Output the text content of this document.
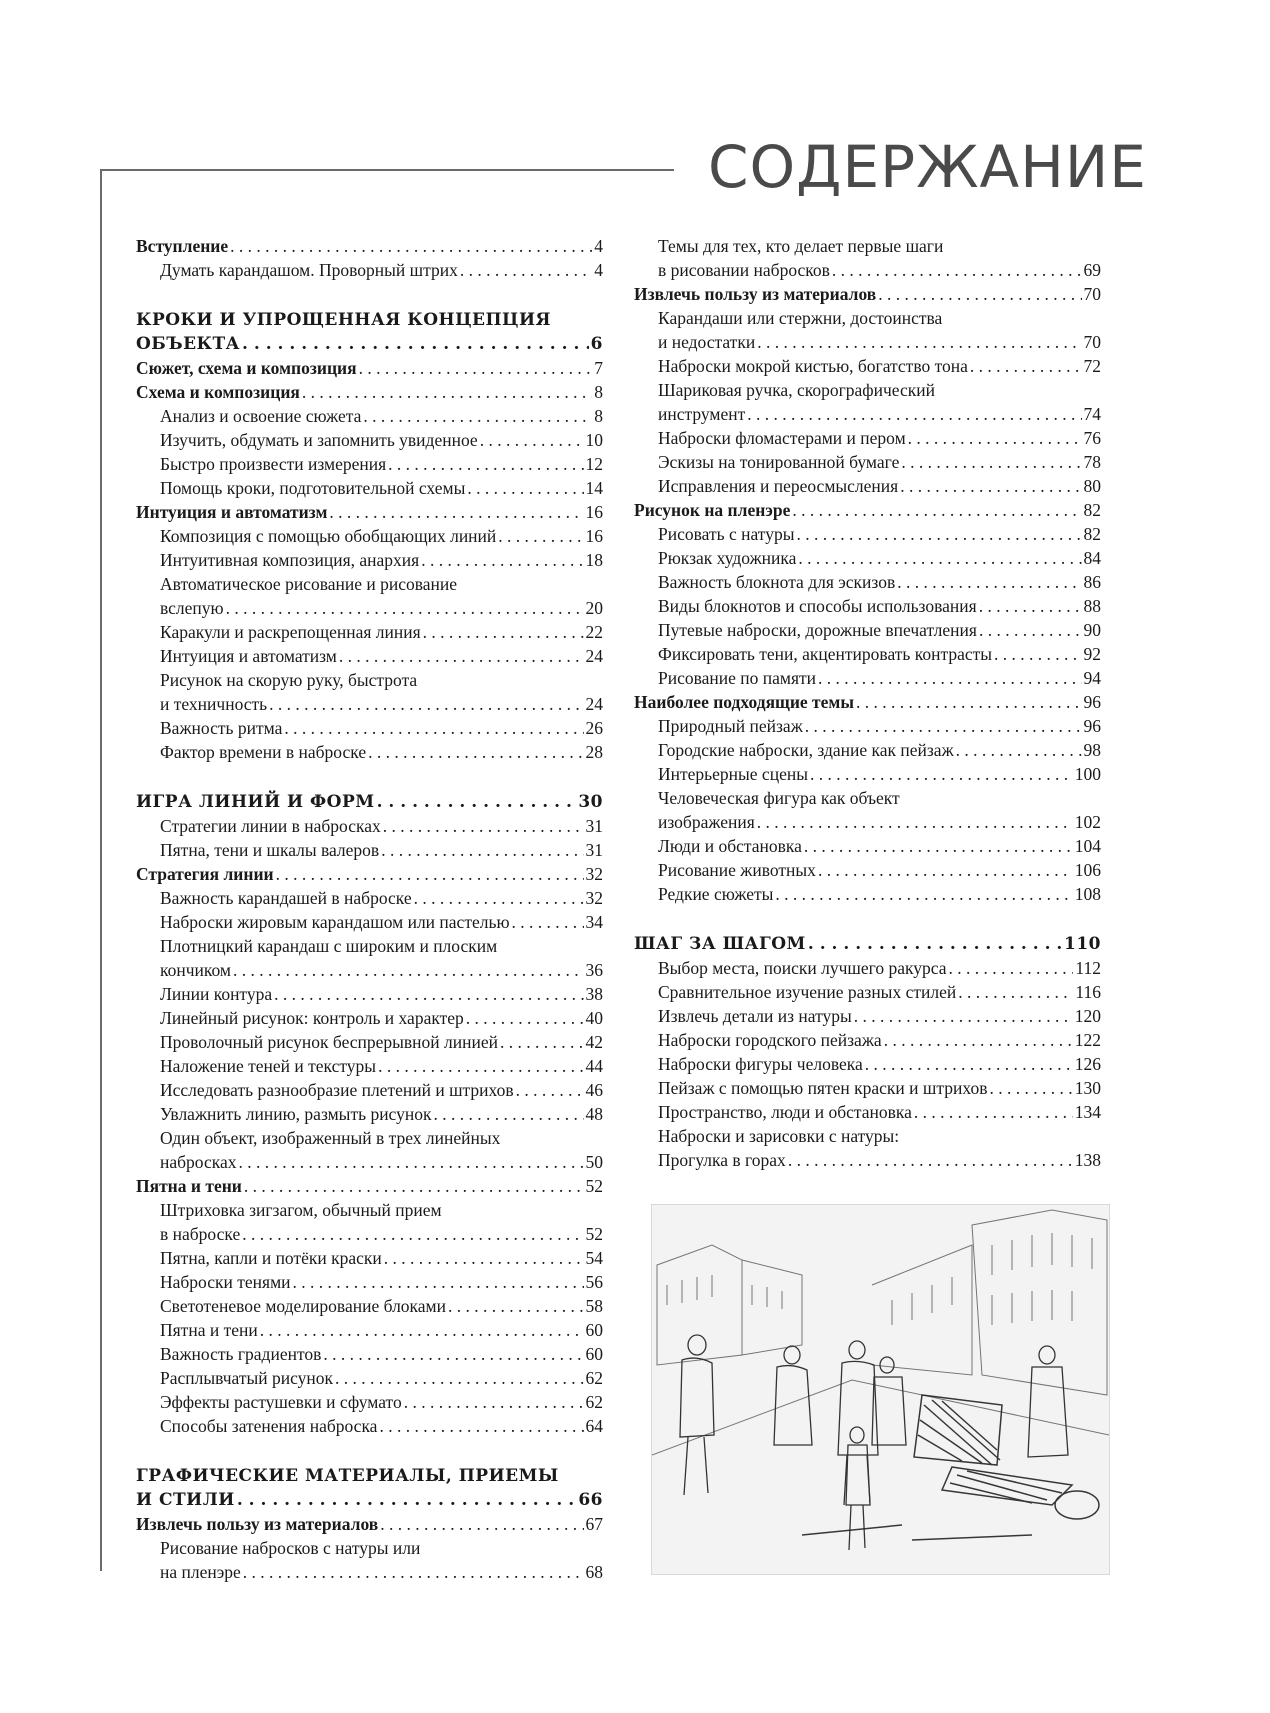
СОДЕРЖАНИЕ
Вступление . . .	4
Думать карандашом. Проворный штрих . . .	4
КРОКИ И УПРОЩЕННАЯ КОНЦЕПЦИЯ
ОБЪЕКТА . . .	6
Сюжет, схема и композиция . . .	7
Схема и композиция . . .	8
Анализ и освоение сюжета . . .	8
Изучить, обдумать и запомнить увиденное . . .	10
Быстро произвести измерения . . .	12
Помощь кроки, подготовительной схемы . . .	14
Интуиция и автоматизм . . .	16
Композиция с помощью обобщающих линий . . .	16
Интуитивная композиция, анархия . . .	18
Автоматическое рисование и рисование
вслепую . . .	20
Каракули и раскрепощенная линия . . .	22
Интуиция и автоматизм . . .	24
Рисунок на скорую руку, быстрота
и техничность . . .	24
Важность ритма . . .	26
Фактор времени в наброске . . .	28
ИГРА ЛИНИЙ И ФОРМ . . .	30
Стратегии линии в набросках . . .	31
Пятна, тени и шкалы валеров . . .	31
Стратегия линии . . .	32
Важность карандашей в наброске . . .	32
Наброски жировым карандашом или пастелью . . .	34
Плотницкий карандаш с широким и плоским
кончиком . . .	36
Линии контура . . .	38
Линейный рисунок: контроль и характер . . .	40
Проволочный рисунок беспрерывной линией . . .	42
Наложение теней и текстуры . . .	44
Исследовать разнообразие плетений и штрихов . . .	46
Увлажнить линию, размыть рисунок . . .	48
Один объект, изображенный в трех линейных
набросках . . .	50
Пятна и тени . . .	52
Штриховка зигзагом, обычный прием
в наброске . . .	52
Пятна, капли и потёки краски . . .	54
Наброски тенями . . .	56
Светотеневое моделирование блоками . . .	58
Пятна и тени . . .	60
Важность градиентов . . .	60
Расплывчатый рисунок . . .	62
Эффекты растушевки и сфумато . . .	62
Способы затенения наброска . . .	64
ГРАФИЧЕСКИЕ МАТЕРИАЛЫ, ПРИЕМЫ
И СТИЛИ . . .	66
Извлечь пользу из материалов . . .	67
Рисование набросков с натуры или
на пленэре . . .	68
Темы для тех, кто делает первые шаги
в рисовании набросков . . .	69
Извлечь пользу из материалов . . .	70
Карандаши или стержни, достоинства
и недостатки . . .	70
Наброски мокрой кистью, богатство тона . . .	72
Шариковая ручка, скорографический
инструмент . . .	74
Наброски фломастерами и пером . . .	76
Эскизы на тонированной бумаге . . .	78
Исправления и переосмысления . . .	80
Рисунок на пленэре . . .	82
Рисовать с натуры . . .	82
Рюкзак художника . . .	84
Важность блокнота для эскизов . . .	86
Виды блокнотов и способы использования . . .	88
Путевые наброски, дорожные впечатления . . .	90
Фиксировать тени, акцентировать контрасты . . .	92
Рисование по памяти . . .	94
Наиболее подходящие темы . . .	96
Природный пейзаж . . .	96
Городские наброски, здание как пейзаж . . .	98
Интерьерные сцены . . .	100
Человеческая фигура как объект
изображения . . .	102
Люди и обстановка . . .	104
Рисование животных . . .	106
Редкие сюжеты . . .	108
ШАГ ЗА ШАГОМ . . .	110
Выбор места, поиски лучшего ракурса . . .	112
Сравнительное изучение разных стилей . . .	116
Извлечь детали из натуры . . .	120
Наброски городского пейзажа . . .	122
Наброски фигуры человека . . .	126
Пейзаж с помощью пятен краски и штрихов . . .	130
Пространство, люди и обстановка . . .	134
Наброски и зарисовки с натуры:
Прогулка в горах . . .	138
